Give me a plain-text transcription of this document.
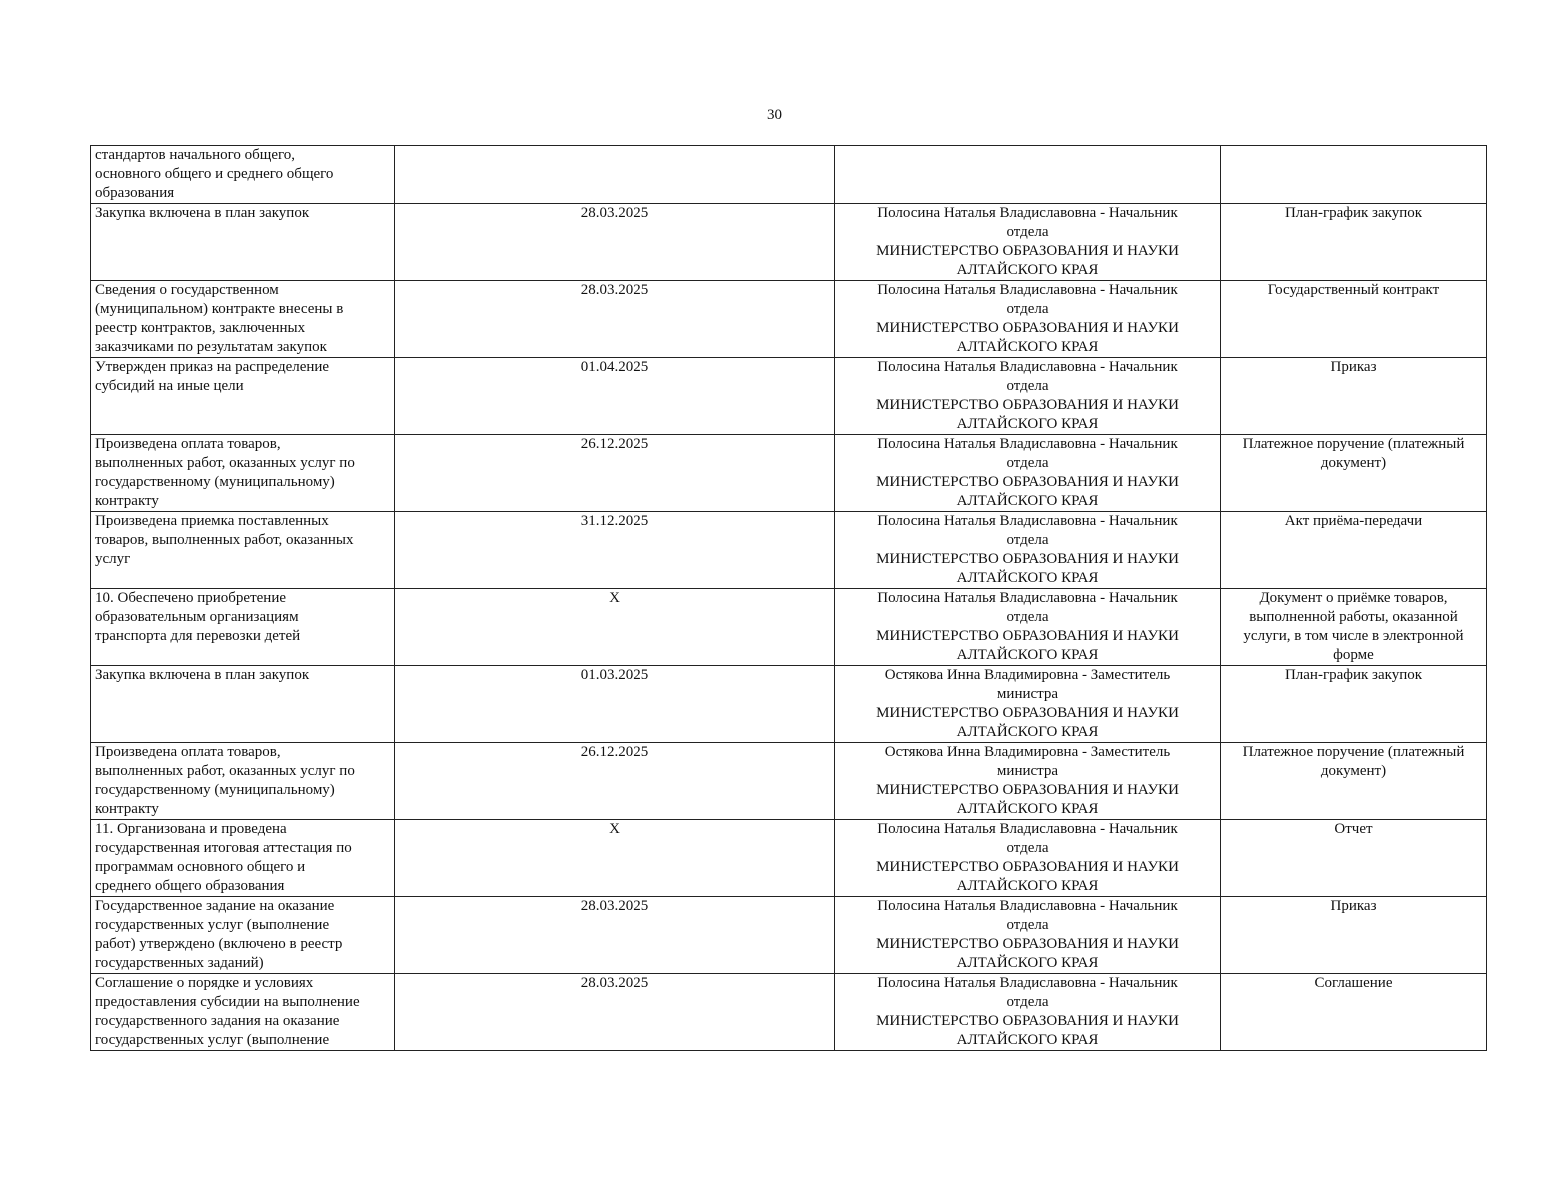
30
стандартов начального общего,
основного общего и среднего общего
образования		

Закупка включена в план закупок	28.03.2025	Полосина Наталья Владиславовна - Начальник
отдела
МИНИСТЕРСТВО ОБРАЗОВАНИЯ И НАУКИ
АЛТАЙСКОГО КРАЯ	План-график закупок
Сведения о государственном
(муниципальном) контракте внесены в
реестр контрактов, заключенных
заказчиками по результатам закупок	28.03.2025	Полосина Наталья Владиславовна - Начальник
отдела
МИНИСТЕРСТВО ОБРАЗОВАНИЯ И НАУКИ
АЛТАЙСКОГО КРАЯ	Государственный контракт
Утвержден приказ на распределение
субсидий на иные цели	01.04.2025	Полосина Наталья Владиславовна - Начальник
отдела
МИНИСТЕРСТВО ОБРАЗОВАНИЯ И НАУКИ
АЛТАЙСКОГО КРАЯ	Приказ
Произведена оплата товаров,
выполненных работ, оказанных услуг по
государственному (муниципальному)
контракту	26.12.2025	Полосина Наталья Владиславовна - Начальник
отдела
МИНИСТЕРСТВО ОБРАЗОВАНИЯ И НАУКИ
АЛТАЙСКОГО КРАЯ	Платежное поручение (платежный
документ)
Произведена приемка поставленных
товаров, выполненных работ, оказанных
услуг	31.12.2025	Полосина Наталья Владиславовна - Начальник
отдела
МИНИСТЕРСТВО ОБРАЗОВАНИЯ И НАУКИ
АЛТАЙСКОГО КРАЯ	Акт приёма-передачи
10. Обеспечено приобретение
образовательным организациям
транспорта для перевозки детей	X	Полосина Наталья Владиславовна - Начальник
отдела
МИНИСТЕРСТВО ОБРАЗОВАНИЯ И НАУКИ
АЛТАЙСКОГО КРАЯ	Документ о приёмке товаров,
выполненной работы, оказанной
услуги, в том числе в электронной
форме
Закупка включена в план закупок	01.03.2025	Остякова Инна Владимировна - Заместитель
министра
МИНИСТЕРСТВО ОБРАЗОВАНИЯ И НАУКИ
АЛТАЙСКОГО КРАЯ	План-график закупок
Произведена оплата товаров,
выполненных работ, оказанных услуг по
государственному (муниципальному)
контракту	26.12.2025	Остякова Инна Владимировна - Заместитель
министра
МИНИСТЕРСТВО ОБРАЗОВАНИЯ И НАУКИ
АЛТАЙСКОГО КРАЯ	Платежное поручение (платежный
документ)
11. Организована и проведена
государственная итоговая аттестация по
программам основного общего и
среднего общего образования	X	Полосина Наталья Владиславовна - Начальник
отдела
МИНИСТЕРСТВО ОБРАЗОВАНИЯ И НАУКИ
АЛТАЙСКОГО КРАЯ	Отчет
Государственное задание на оказание
государственных услуг (выполнение
работ) утверждено (включено в реестр
государственных заданий)	28.03.2025	Полосина Наталья Владиславовна - Начальник
отдела
МИНИСТЕРСТВО ОБРАЗОВАНИЯ И НАУКИ
АЛТАЙСКОГО КРАЯ	Приказ
Соглашение о порядке и условиях
предоставления субсидии на выполнение
государственного задания на оказание
государственных услуг (выполнение	28.03.2025	Полосина Наталья Владиславовна - Начальник
отдела
МИНИСТЕРСТВО ОБРАЗОВАНИЯ И НАУКИ
АЛТАЙСКОГО КРАЯ	Соглашение
